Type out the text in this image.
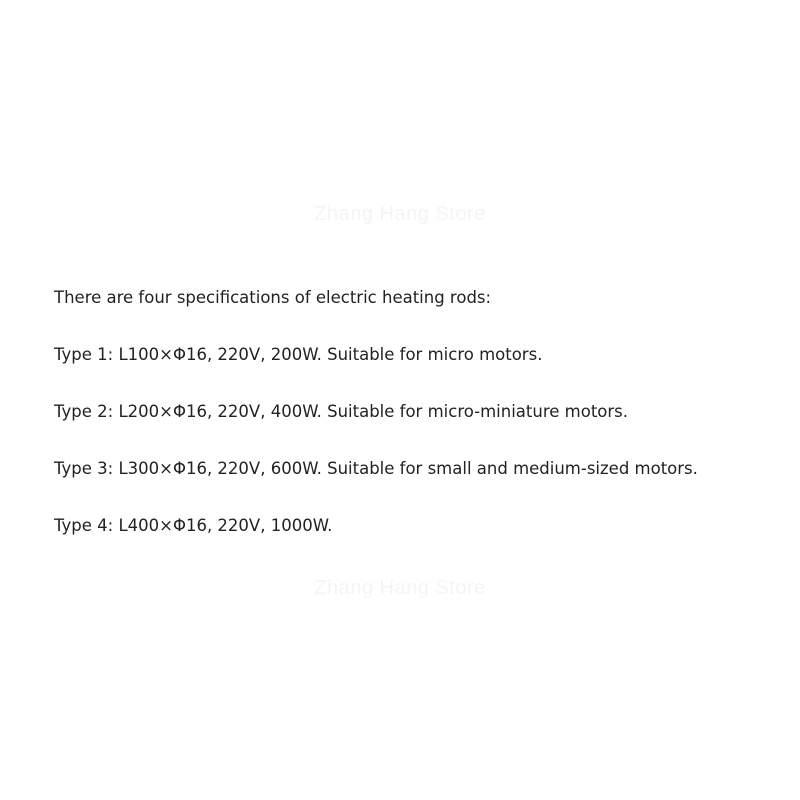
There are four specifications of electric heating rods:
Type 1: L100×Φ16, 220V, 200W. Suitable for micro motors.
Type 2: L200×Φ16, 220V, 400W. Suitable for micro-miniature motors.
Type 3: L300×Φ16, 220V, 600W. Suitable for small and medium-sized motors.
Type 4: L400×Φ16, 220V, 1000W.
